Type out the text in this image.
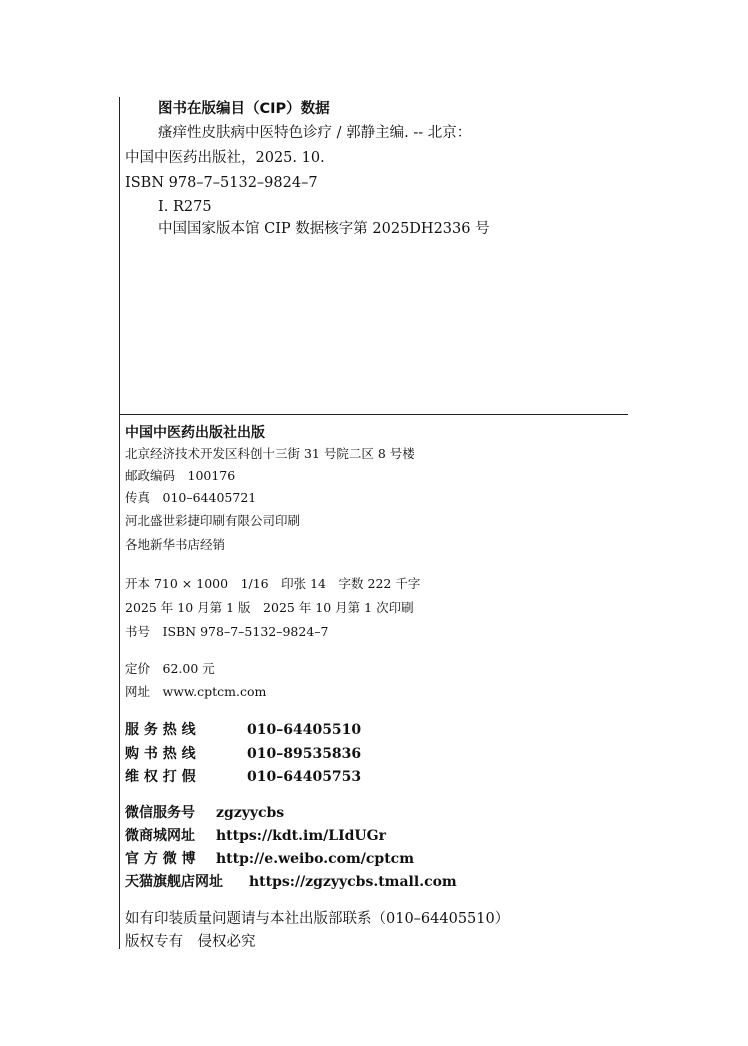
图书在版编目（CIP）数据
瘙痒性皮肤病中医特色诊疗 / 郭静主编. -- 北京：
中国中医药出版社，2025. 10.
ISBN 978–7–5132–9824–7
Ⅰ. R275
中国国家版本馆 CIP 数据核字第 2025DH2336 号
中国中医药出版社出版
北京经济技术开发区科创十三街 31 号院二区 8 号楼
邮政编码　100176
传真　010–64405721
河北盛世彩捷印刷有限公司印刷
各地新华书店经销
开本 710 × 1000　1/16　印张 14　字数 222 千字
2025 年 10 月第 1 版　2025 年 10 月第 1 次印刷
书号　ISBN 978–7–5132–9824–7
定价　62.00 元
网址　www.cptcm.com
服 务 热 线	010–64405510
购 书 热 线	010–89535836
维 权 打 假	010–64405753
微信服务号 zgzyycbs
微商城网址 https://kdt.im/LIdUGr
官 方 微 博 http://e.weibo.com/cptcm
天猫旗舰店网址 https://zgzyycbs.tmall.com
如有印装质量问题请与本社出版部联系（010–64405510）
版权专有　侵权必究
